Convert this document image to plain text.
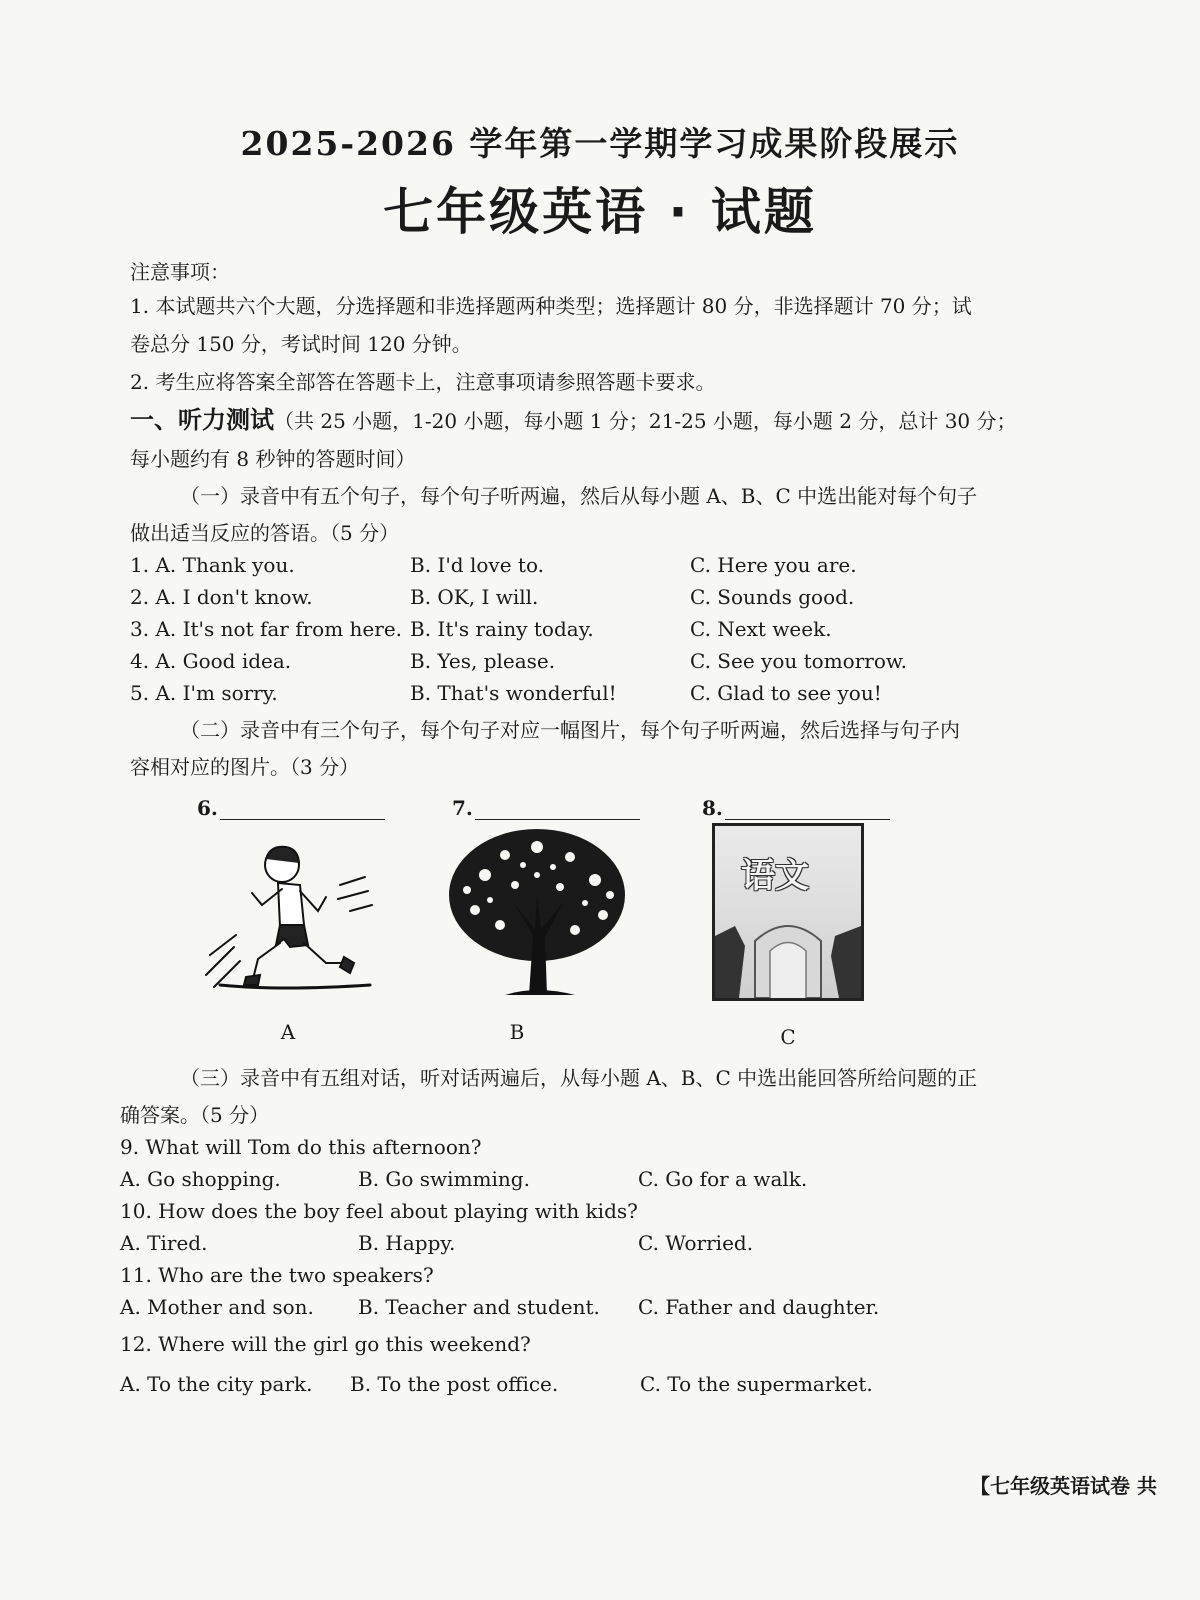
2025-2026 学年第一学期学习成果阶段展示
七年级英语 · 试题
注意事项：
1. 本试题共六个大题，分选择题和非选择题两种类型；选择题计 80 分，非选择题计 70 分；试
卷总分 150 分，考试时间 120 分钟。
2. 考生应将答案全部答在答题卡上，注意事项请参照答题卡要求。
一、听力测试（共 25 小题，1-20 小题，每小题 1 分；21-25 小题，每小题 2 分，总计 30 分；
每小题约有 8 秒钟的答题时间）
（一）录音中有五个句子，每个句子听两遍，然后从每小题 A、B、C 中选出能对每个句子
做出适当反应的答语。（5 分）
1. A. Thank you.	B. I'd love to.	C. Here you are.
2. A. I don't know.	B. OK, I will.	C. Sounds good.
3. A. It's not far from here. B. It's rainy today.	C. Next week.
4. A. Good idea.	B. Yes, please.	C. See you tomorrow.
5. A. I'm sorry.	B. That's wonderful!	C. Glad to see you!
（二）录音中有三个句子，每个句子对应一幅图片，每个句子听两遍，然后选择与句子内
容相对应的图片。（3 分）
6.	7.	8.
A	B
语文
C
（三）录音中有五组对话，听对话两遍后，从每小题 A、B、C 中选出能回答所给问题的正
确答案。（5 分）
9. What will Tom do this afternoon?
A. Go shopping.	B. Go swimming.	C. Go for a walk.
10. How does the boy feel about playing with kids?
A. Tired.	B. Happy.	C. Worried.
11. Who are the two speakers?
A. Mother and son. B. Teacher and student. C. Father and daughter.
12. Where will the girl go this weekend?
A. To the city park. B. To the post office.	C. To the supermarket.
【七年级英语试卷 共
